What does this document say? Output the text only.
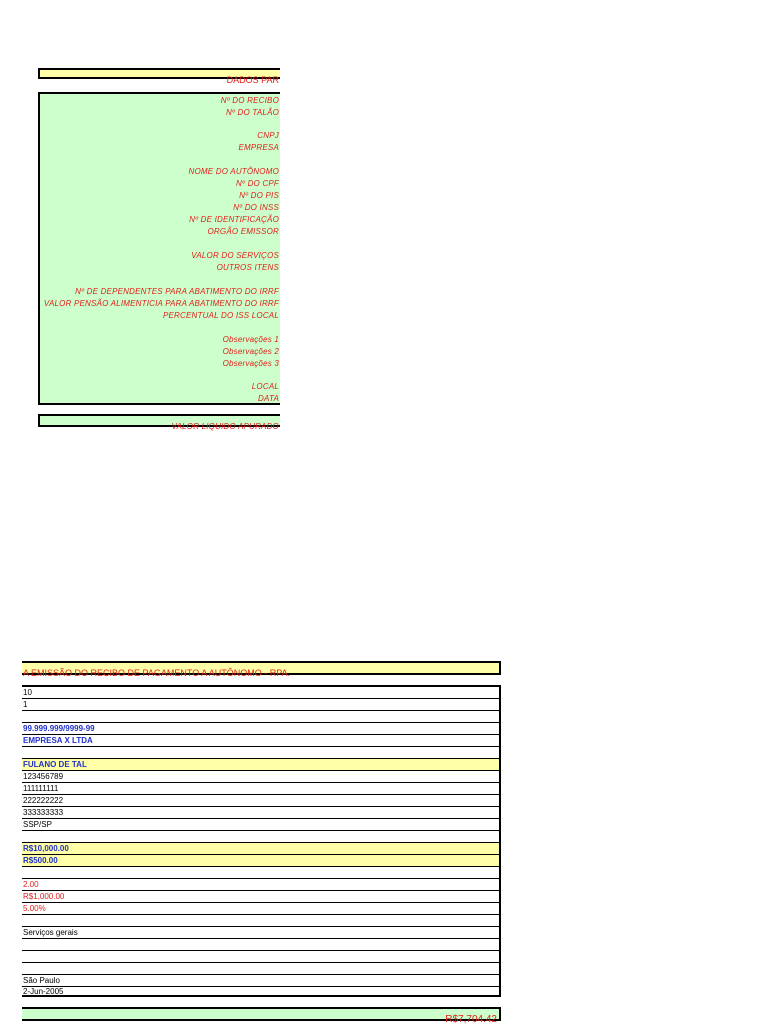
DADOS PAR
Nº DO RECIBO
Nº DO TALÃO
CNPJ
EMPRESA
NOME DO AUTÔNOMO
Nº DO CPF
Nº DO PIS
Nº DO INSS
Nº DE IDENTIFICAÇÃO
ORGÃO EMISSOR
VALOR DO SERVIÇOS
OUTROS ITENS
Nº DE DEPENDENTES PARA ABATIMENTO DO IRRF
VALOR PENSÃO ALIMENTICIA PARA ABATIMENTO DO IRRF
PERCENTUAL DO ISS LOCAL
Observações 1
Observações 2
Observações 3
LOCAL
DATA
VALOR LIQUIDO APURADO
A EMISSÃO DO RECIBO DE PAGAMENTO A AUTÔNOMO - RPA.
10
1
99.999.999/9999-99
EMPRESA X LTDA
FULANO DE TAL
123456789
111111111
222222222
333333333
SSP/SP
R$10,000.00
R$500.00
2.00
R$1,000.00
5.00%
Serviços gerais
São Paulo
2-Jun-2005
R$7,704.42
